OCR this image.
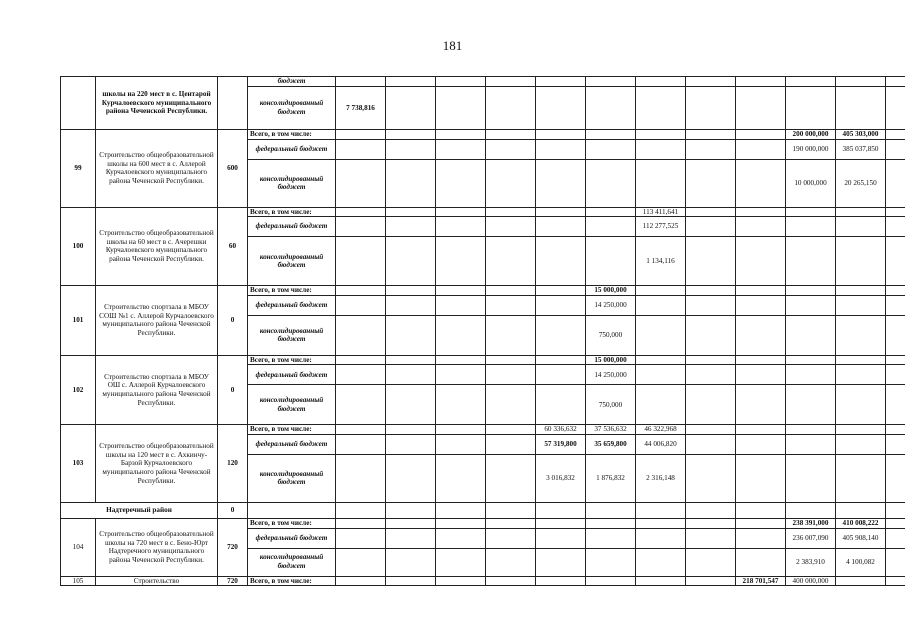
181
	школы на 220 мест в с. Центарой Курчалоевского муниципального района Чеченской Республики.		бюджет												
			консолидированный бюджет	7 738,816											
99	Строительство общеобразовательной школы на 600 мест в с. Аллерой Курчалоевского муниципального района Чеченской Республики.	600	Всего, в том числе:										200 000,000	405 303,000	
			федеральный бюджет										190 000,000	385 037,850	
			консолидированный бюджет										10 000,000	20 265,150	
100	Строительство общеобразовательной школы на 60 мест в с. Ачерешки Курчалоевского муниципального района Чеченской Республики.	60	Всего, в том числе:							113 411,641					
			федеральный бюджет							112 277,525					
			консолидированный бюджет							1 134,116					
101	Строительство спортзала в МБОУ СОШ №1 с. Аллерой Курчалоевского муниципального района Чеченской Республики.	0	Всего, в том числе:						15 000,000						
			федеральный бюджет						14 250,000						
			консолидированный бюджет						750,000						
102	Строительство спортзала в МБОУ ОШ с. Аллерой Курчалоевского муниципального района Чеченской Республики.	0	Всего, в том числе:						15 000,000						
			федеральный бюджет						14 250,000						
			консолидированный бюджет						750,000						
103	Строительство общеобразовательной школы на 120 мест в с. Ахкинчу-Барзой Курчалоевского муниципального района Чеченской Республики.	120	Всего, в том числе:					60 336,632	37 536,632	46 322,968					
			федеральный бюджет					57 319,800	35 659,800	44 006,820					
			консолидированный бюджет					3 016,832	1 876,832	2 316,148					
Надтеречный район		0													
104	Строительство общеобразовательной школы на 720 мест в с. Бено-Юрт Надтеречного муниципального района Чеченской Республики.	720	Всего, в том числе:										238 391,000	410 008,222	
			федеральный бюджет										236 007,090	405 908,140	
			консолидированный бюджет										2 383,910	4 100,082	
105	Строительство	720	Всего, в том числе:									218 701,547	400 000,000		
